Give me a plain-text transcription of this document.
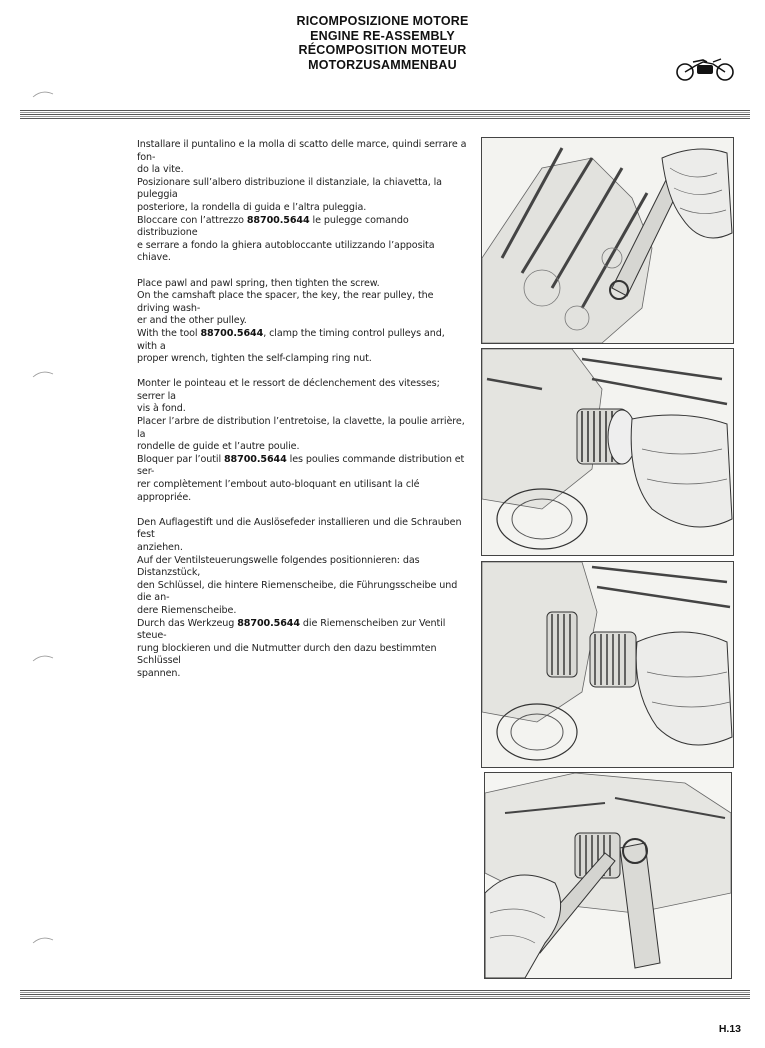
RICOMPOSIZIONE MOTORE
ENGINE RE-ASSEMBLY
RÉCOMPOSITION MOTEUR
MOTORZUSAMMENBAU

Installare il puntalino e la molla di scatto delle marce, quindi serrare a fon-
do la vite.
Posizionare sull’albero distribuzione il distanziale, la chiavetta, la puleggia
posteriore, la rondella di guida e l’altra puleggia.
Bloccare con l’attrezzo 88700.5644 le pulegge comando distribuzione
e serrare a fondo la ghiera autobloccante utilizzando l’apposita chiave.

Place pawl and pawl spring, then tighten the screw.
On the camshaft place the spacer, the key, the rear pulley, the driving wash-
er and the other pulley.
With the tool 88700.5644, clamp the timing control pulleys and, with a
proper wrench, tighten the self-clamping ring nut.

Monter le pointeau et le ressort de déclenchement des vitesses; serrer la
vis à fond.
Placer l’arbre de distribution l’entretoise, la clavette, la poulie arrière, la
rondelle de guide et l’autre poulie.
Bloquer par l’outil 88700.5644 les poulies commande distribution et ser-
rer complètement l’embout auto-bloquant en utilisant la clé appropriée.

Den Auflagestift und die Auslösefeder installieren und die Schrauben fest
anziehen.
Auf der Ventilsteuerungswelle folgendes positionnieren: das Distanzstück,
den Schlüssel, die hintere Riemenscheibe, die Führungsscheibe und die an-
dere Riemenscheibe.
Durch das Werkzeug 88700.5644 die Riemenscheiben zur Ventil steue-
rung blockieren und die Nutmutter durch den dazu bestimmten Schlüssel
spannen.

H.13
